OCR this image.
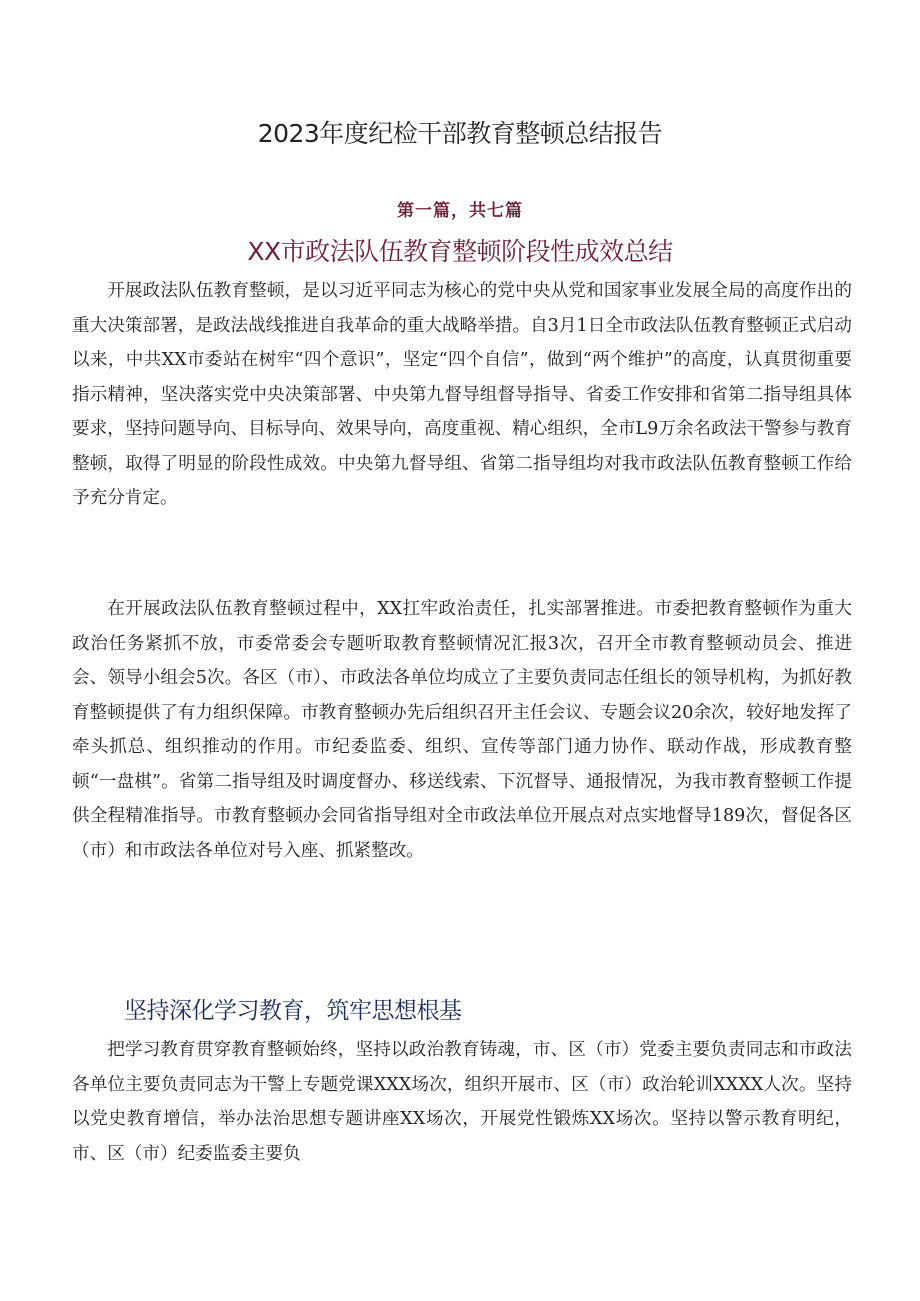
2023年度纪检干部教育整顿总结报告
第一篇，共七篇
XX市政法队伍教育整顿阶段性成效总结

开展政法队伍教育整顿，是以习近平同志为核心的党中央从党和国家事业发展全局的高度作出的重大决策部署，是政法战线推进自我革命的重大战略举措。自3月1日全市政法队伍教育整顿正式启动以来，中共XX市委站在树牢“四个意识”，坚定“四个自信”，做到“两个维护”的高度，认真贯彻重要指示精神，坚决落实党中央决策部署、中央第九督导组督导指导、省委工作安排和省第二指导组具体要求，坚持问题导向、目标导向、效果导向，高度重视、精心组织，全市L9万余名政法干警参与教育整顿，取得了明显的阶段性成效。中央第九督导组、省第二指导组均对我市政法队伍教育整顿工作给予充分肯定。

在开展政法队伍教育整顿过程中，XX扛牢政治责任，扎实部署推进。市委把教育整顿作为重大政治任务紧抓不放，市委常委会专题听取教育整顿情况汇报3次，召开全市教育整顿动员会、推进会、领导小组会5次。各区（市）、市政法各单位均成立了主要负责同志任组长的领导机构，为抓好教育整顿提供了有力组织保障。市教育整顿办先后组织召开主任会议、专题会议20余次，较好地发挥了牵头抓总、组织推动的作用。市纪委监委、组织、宣传等部门通力协作、联动作战，形成教育整顿“一盘棋”。省第二指导组及时调度督办、移送线索、下沉督导、通报情况，为我市教育整顿工作提供全程精准指导。市教育整顿办会同省指导组对全市政法单位开展点对点实地督导189次，督促各区（市）和市政法各单位对号入座、抓紧整改。

坚持深化学习教育，筑牢思想根基

把学习教育贯穿教育整顿始终，坚持以政治教育铸魂，市、区（市）党委主要负责同志和市政法各单位主要负责同志为干警上专题党课XXX场次，组织开展市、区（市）政治轮训XXXX人次。坚持以党史教育增信，举办法治思想专题讲座XX场次，开展党性锻炼XX场次。坚持以警示教育明纪，市、区（市）纪委监委主要负
